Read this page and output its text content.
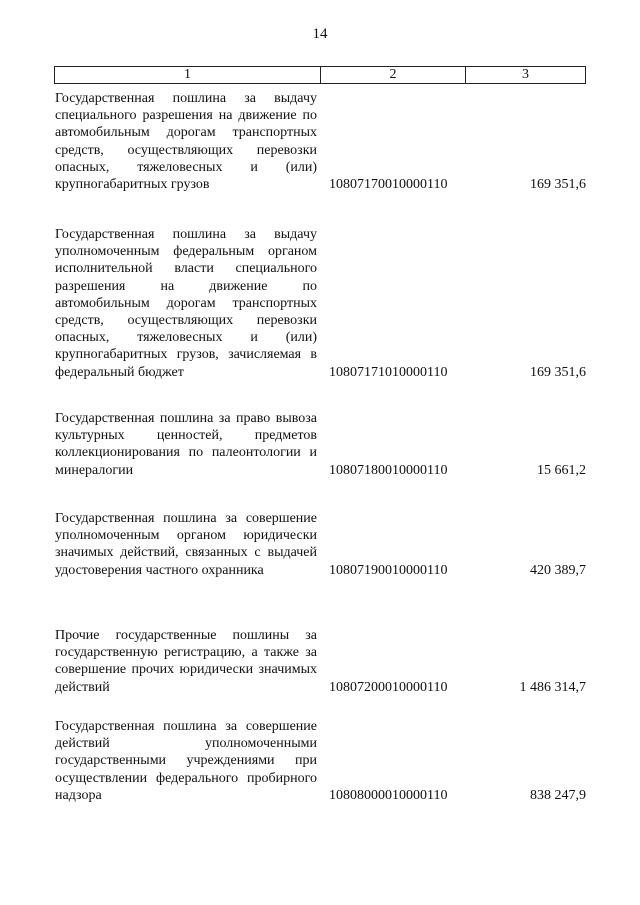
14
1	2	3
Государственная пошлина за выдачу специального разрешения на движение по автомобильным дорогам транспортных средств, осуществляющих перевозки опасных, тяжеловесных и (или) крупногабаритных грузов	10807170010000110	169 351,6
Государственная пошлина за выдачу уполномоченным федеральным органом исполнительной власти специального разрешения на движение по автомобильным дорогам транспортных средств, осуществляющих перевозки опасных, тяжеловесных и (или) крупногабаритных грузов, зачисляемая в федеральный бюджет	10807171010000110	169 351,6
Государственная пошлина за право вывоза культурных ценностей, предметов коллекционирования по палеонтологии и минералогии	10807180010000110	15 661,2
Государственная пошлина за совершение уполномоченным органом юридически значимых действий, связанных с выдачей удостоверения частного охранника	10807190010000110	420 389,7
Прочие государственные пошлины за государственную регистрацию, а также за совершение прочих юридически значимых действий	10807200010000110	1 486 314,7
Государственная пошлина за совершение действий уполномоченными государственными учреждениями при осуществлении федерального пробирного надзора	10808000010000110	838 247,9
